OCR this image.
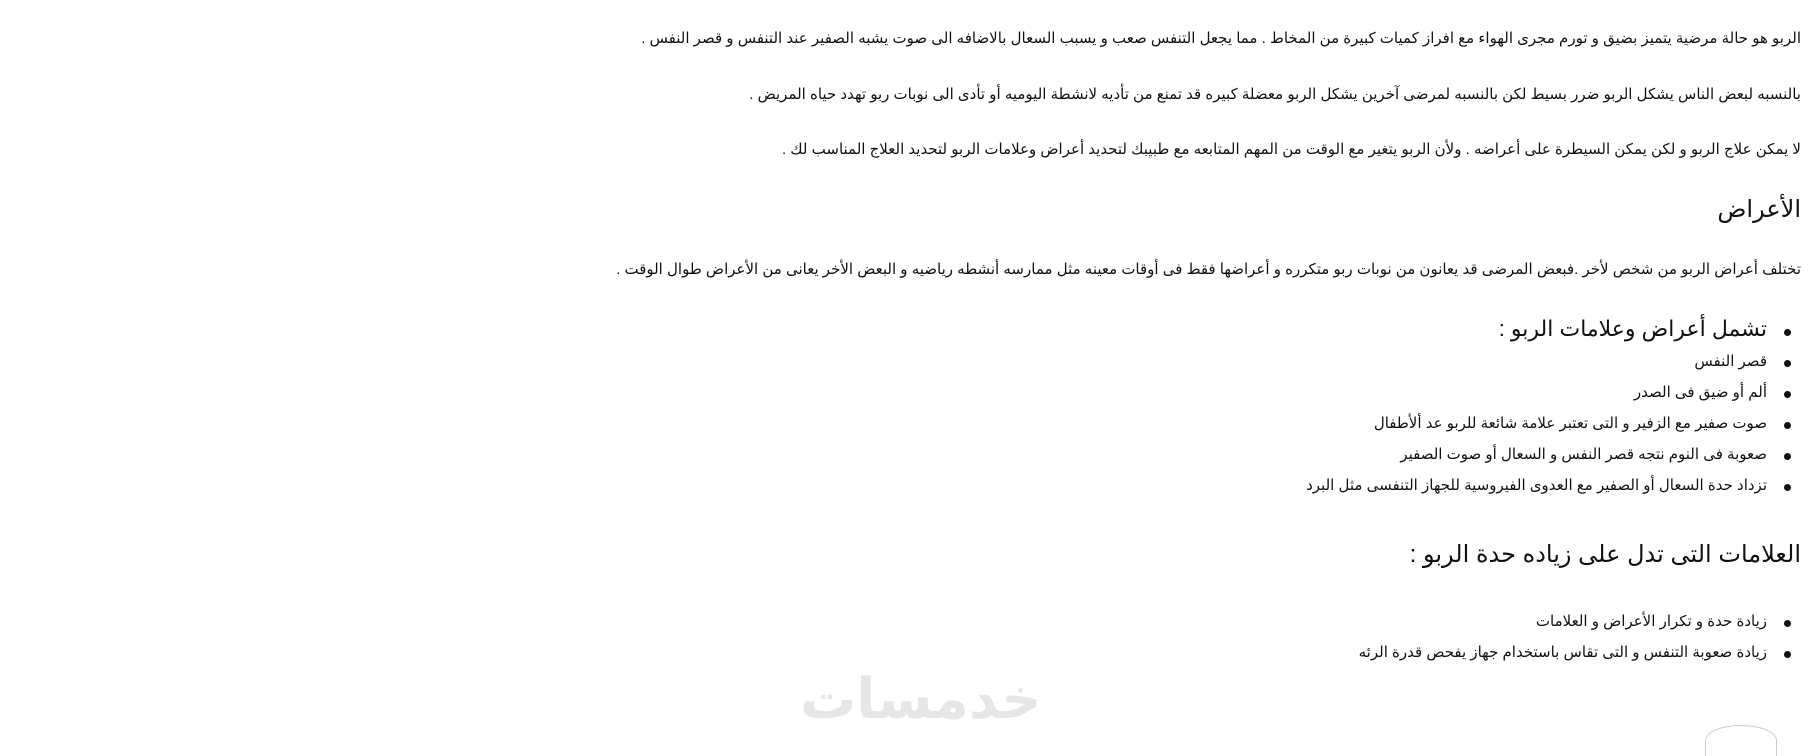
الربو هو حالة مرضية يتميز بضيق و تورم مجرى الهواء مع افراز كميات كبيرة من المخاط . مما يجعل التنفس صعب و يسبب السعال بالاضافه الى صوت يشبه الصفير عند التنفس و قصر النفس .

بالنسبه لبعض الناس يشكل الربو ضرر بسيط لكن بالنسبه لمرضى آخرين يشكل الربو معضلة كبيره قد تمنع من تأديه لانشطة اليوميه أو تأدى الى نوبات ربو تهدد حياه المريض .

لا يمكن علاج الربو و لكن يمكن السيطرة على أعراضه . ولأن الربو يتغير مع الوقت من المهم المتابعه مع طبيبك لتحديد أعراض وعلامات الربو لتحديد العلاج المناسب لك .

الأعراض

تختلف أعراض الربو من شخص لأخر .فبعض المرضى قد يعانون من نوبات ربو متكرره و أعراضها فقط فى أوقات معينه مثل ممارسه أنشطه رياضيه و البعض الأخر يعانى من الأعراض طوال الوقت .

تشمل أعراض وعلامات الربو :
قصر النفس
ألم أو ضيق فى الصدر
صوت صفير مع الزفير و التى تعتبر علامة شائعة للربو عد ألأطفال
صعوبة فى النوم نتجه قصر النفس و السعال أو صوت الصفير
تزداد حدة السعال أو الصفير مع العدوى الفيروسية للجهاز التنفسى مثل البرد
العلامات التى تدل على زياده حدة الربو :
زيادة حدة و تكرار الأعراض و العلامات
زيادة صعوبة التنفس و التى تقاس باستخدام جهاز يفحص قدرة الرئه
خدمسات
